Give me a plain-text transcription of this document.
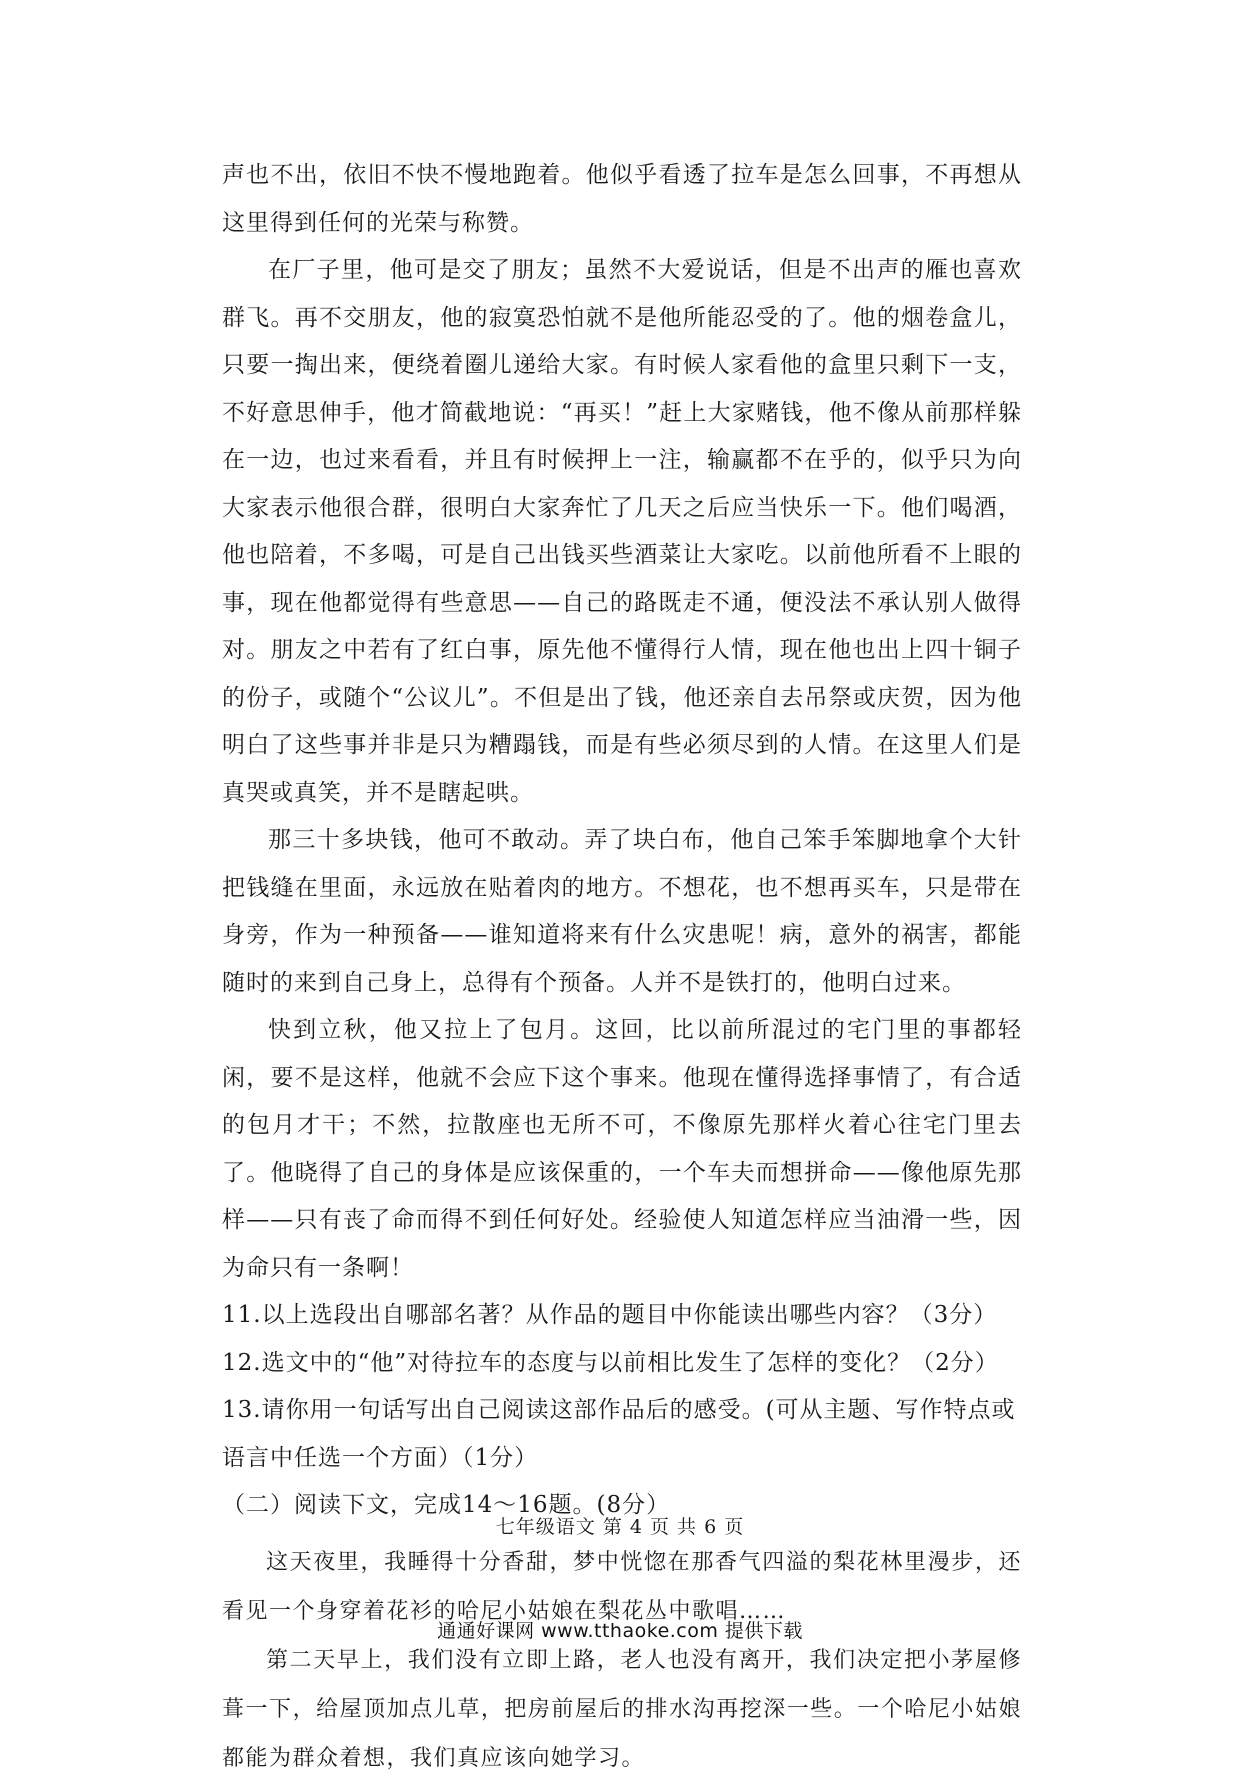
声也不出，依旧不快不慢地跑着。他似乎看透了拉车是怎么回事，不再想从这里得到任何的光荣与称赞。

在厂子里，他可是交了朋友；虽然不大爱说话，但是不出声的雁也喜欢群飞。再不交朋友，他的寂寞恐怕就不是他所能忍受的了。他的烟卷盒儿，只要一掏出来，便绕着圈儿递给大家。有时候人家看他的盒里只剩下一支，不好意思伸手，他才简截地说：“再买！”赶上大家赌钱，他不像从前那样躲在一边，也过来看看，并且有时候押上一注，输赢都不在乎的，似乎只为向大家表示他很合群，很明白大家奔忙了几天之后应当快乐一下。他们喝酒，他也陪着，不多喝，可是自己出钱买些酒菜让大家吃。以前他所看不上眼的事，现在他都觉得有些意思——自己的路既走不通，便没法不承认别人做得对。朋友之中若有了红白事，原先他不懂得行人情，现在他也出上四十铜子的份子，或随个“公议儿”。不但是出了钱，他还亲自去吊祭或庆贺，因为他明白了这些事并非是只为糟蹋钱，而是有些必须尽到的人情。在这里人们是真哭或真笑，并不是瞎起哄。

那三十多块钱，他可不敢动。弄了块白布，他自己笨手笨脚地拿个大针把钱缝在里面，永远放在贴着肉的地方。不想花，也不想再买车，只是带在身旁，作为一种预备——谁知道将来有什么灾患呢！病，意外的祸害，都能随时的来到自己身上，总得有个预备。人并不是铁打的，他明白过来。

快到立秋，他又拉上了包月。这回，比以前所混过的宅门里的事都轻闲，要不是这样，他就不会应下这个事来。他现在懂得选择事情了，有合适的包月才干；不然，拉散座也无所不可，不像原先那样火着心往宅门里去了。他晓得了自己的身体是应该保重的，一个车夫而想拼命——像他原先那样——只有丧了命而得不到任何好处。经验使人知道怎样应当油滑一些，因为命只有一条啊！

11.以上选段出自哪部名著？从作品的题目中你能读出哪些内容？（3分）

12.选文中的“他”对待拉车的态度与以前相比发生了怎样的变化？（2分）

13.请你用一句话写出自己阅读这部作品后的感受。(可从主题、写作特点或语言中任选一个方面）（1分）

（二）阅读下文，完成14～16题。(8分）

这天夜里，我睡得十分香甜，梦中恍惚在那香气四溢的梨花林里漫步，还看见一个身穿着花衫的哈尼小姑娘在梨花丛中歌唱……

第二天早上，我们没有立即上路，老人也没有离开，我们决定把小茅屋修葺一下，给屋顶加点儿草，把房前屋后的排水沟再挖深一些。一个哈尼小姑娘都能为群众着想，我们真应该向她学习。

七年级语文 第 4 页 共 6 页
通通好课网 www.tthaoke.com 提供下载
